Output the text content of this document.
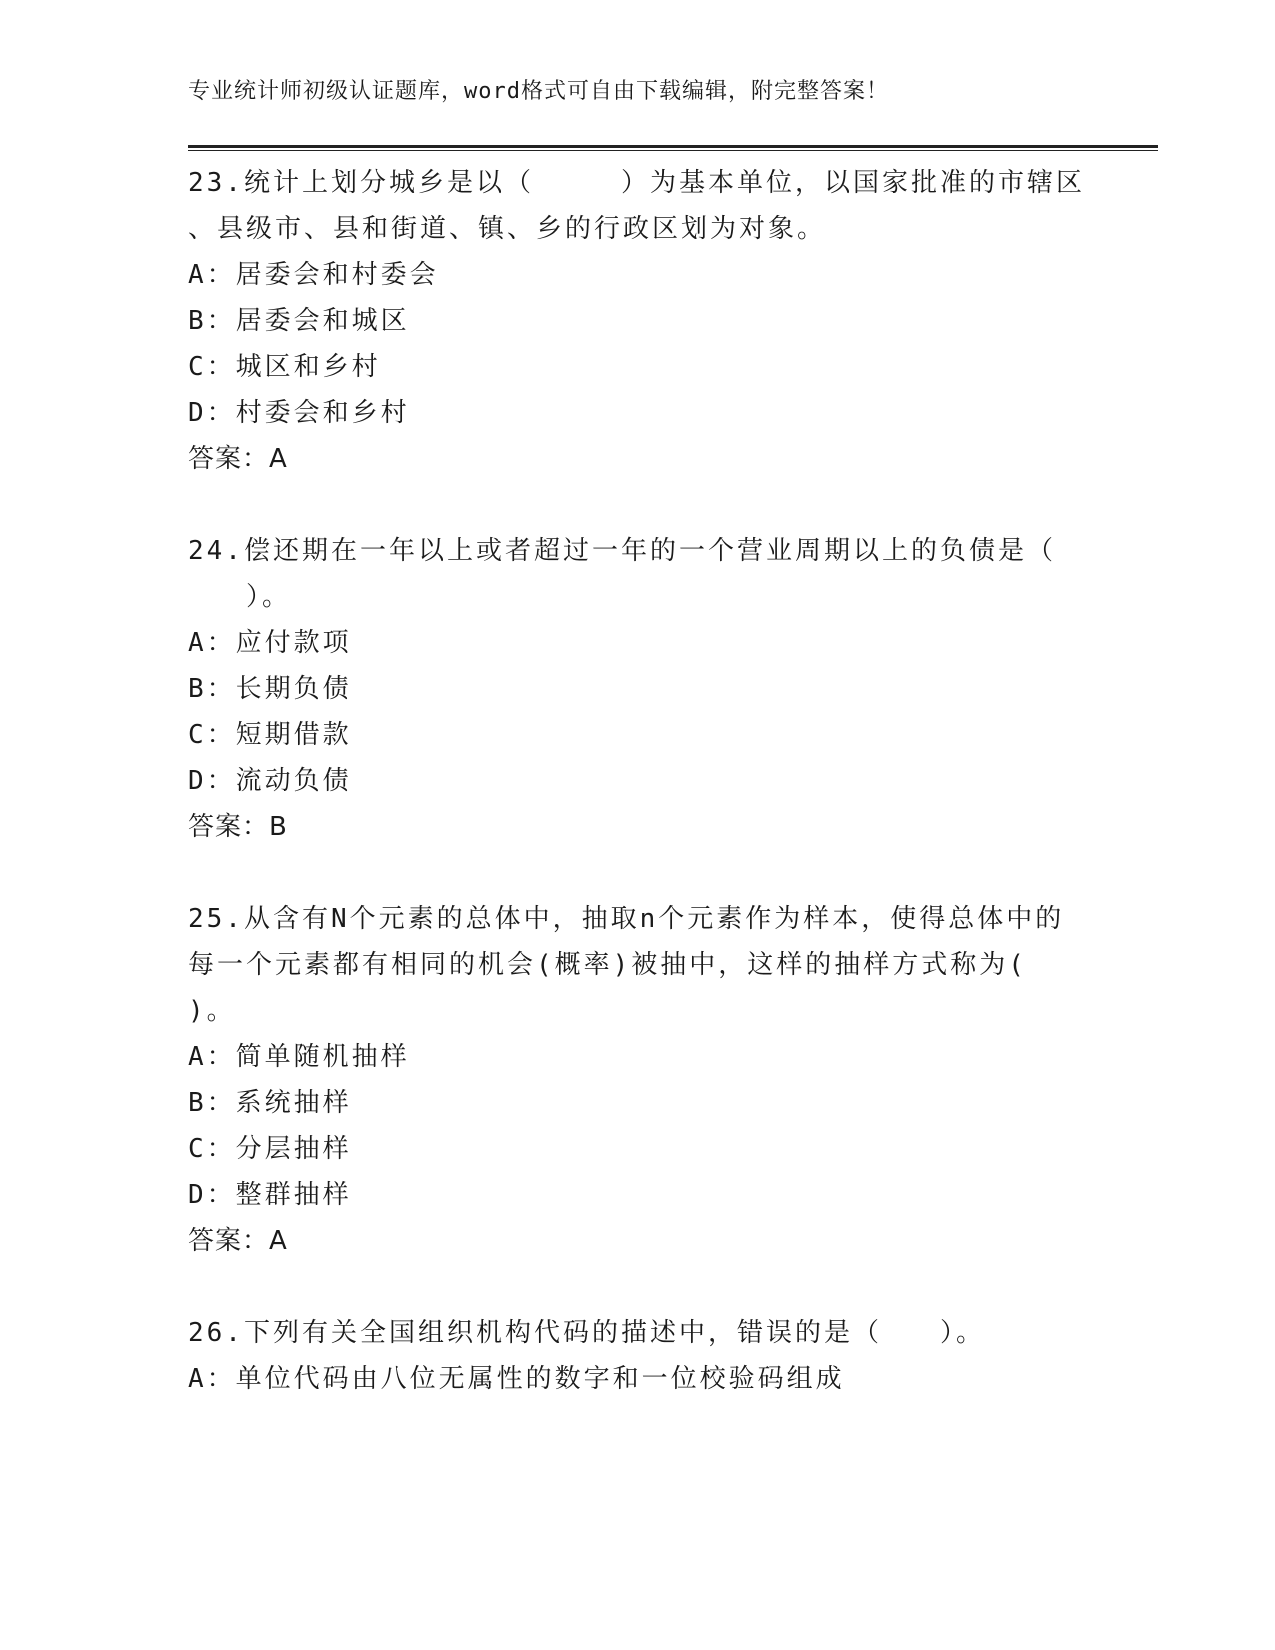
专业统计师初级认证题库，word格式可自由下载编辑，附完整答案！
23.统计上划分城乡是以（　　　）为基本单位，以国家批准的市辖区
、县级市、县和街道、镇、乡的行政区划为对象。
A：居委会和村委会
B：居委会和城区
C：城区和乡村
D：村委会和乡村
答案：A
24.偿还期在一年以上或者超过一年的一个营业周期以上的负债是（
　　）。
A：应付款项
B：长期负债
C：短期借款
D：流动负债
答案：B
25.从含有N个元素的总体中，抽取n个元素作为样本，使得总体中的
每一个元素都有相同的机会(概率)被抽中，这样的抽样方式称为(
)。
A：简单随机抽样
B：系统抽样
C：分层抽样
D：整群抽样
答案：A
26.下列有关全国组织机构代码的描述中，错误的是（　　）。
A：单位代码由八位无属性的数字和一位校验码组成
